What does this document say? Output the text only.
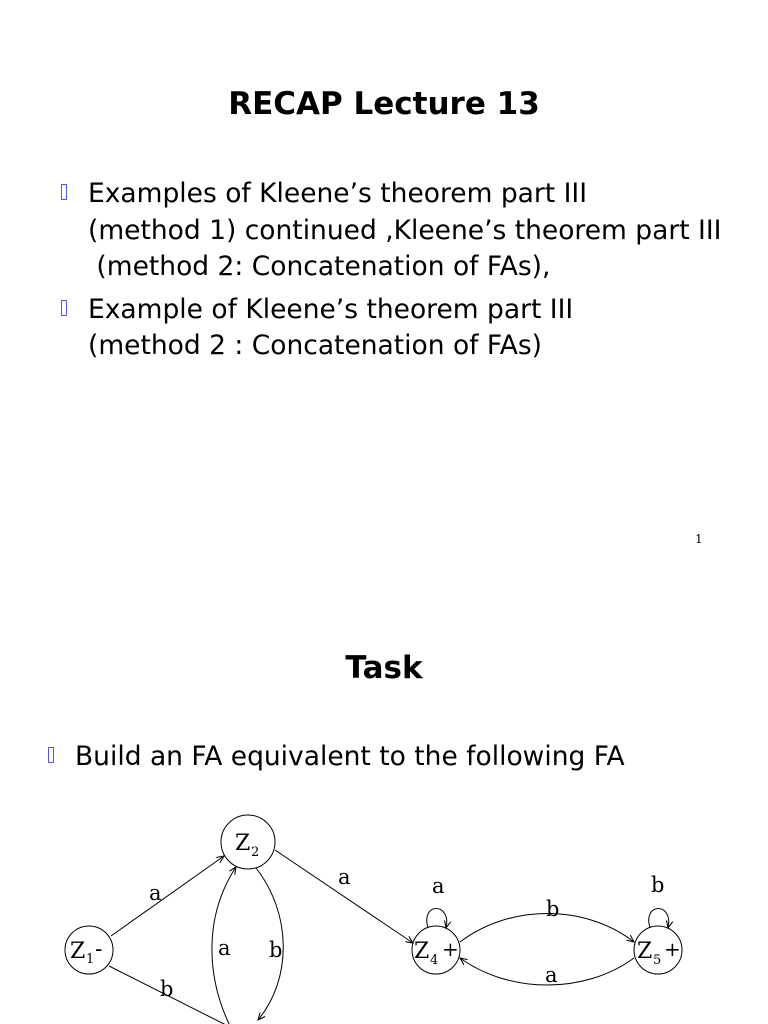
RECAP Lecture 13
Examples of Kleene’s theorem part III
(method 1) continued ,Kleene’s theorem part III
(method 2: Concatenation of FAs),
Example of Kleene’s theorem part III
(method 2 : Concatenation of FAs)
1
Task
Build an FA equivalent to the following FA
Z 1 -
Z 2
Z 4 +	Z 5 +
a
b
a
a b
a
b
a
b
